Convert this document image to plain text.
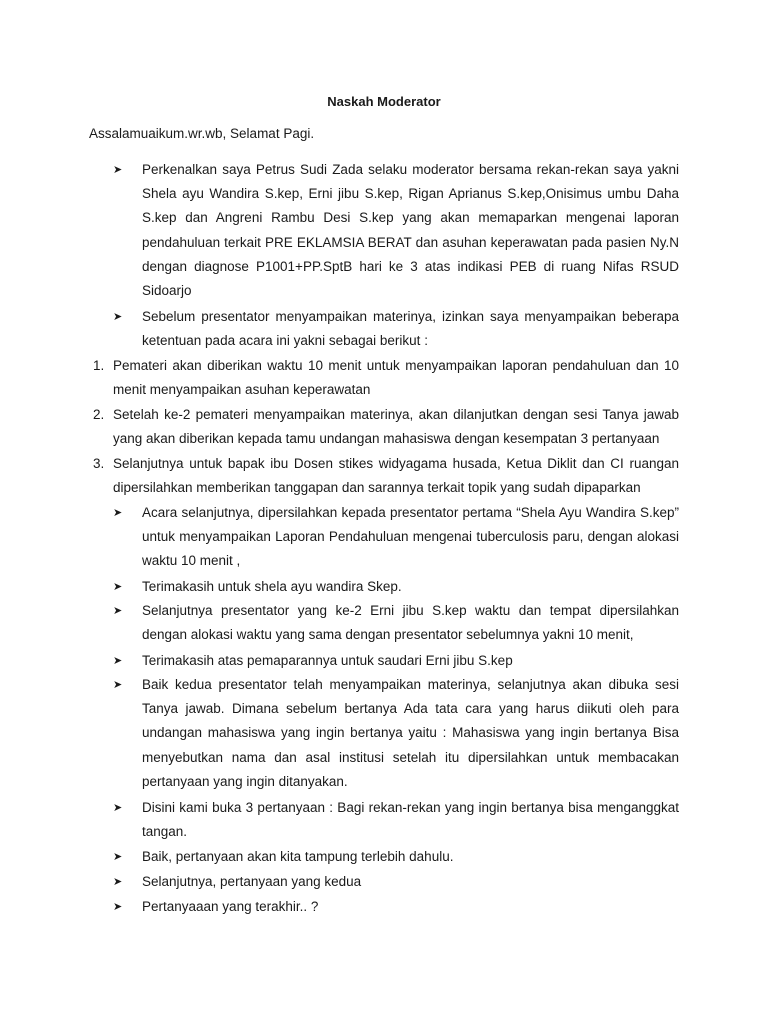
Naskah Moderator
Assalamuaikum.wr.wb, Selamat Pagi.
➤ Perkenalkan saya Petrus Sudi Zada selaku moderator bersama rekan-rekan saya yakni Shela ayu Wandira S.kep, Erni jibu S.kep, Rigan Aprianus S.kep,Onisimus umbu Daha S.kep dan Angreni Rambu Desi S.kep yang akan memaparkan mengenai laporan pendahuluan terkait PRE EKLAMSIA BERAT dan asuhan keperawatan pada pasien Ny.N dengan diagnose P1001+PP.SptB hari ke 3 atas indikasi PEB di ruang Nifas RSUD Sidoarjo
➤ Sebelum presentator menyampaikan materinya, izinkan saya menyampaikan beberapa ketentuan pada acara ini yakni sebagai berikut :
1. Pemateri akan diberikan waktu 10 menit untuk menyampaikan laporan pendahuluan dan 10 menit menyampaikan asuhan keperawatan
2. Setelah ke-2 pemateri menyampaikan materinya, akan dilanjutkan dengan sesi Tanya jawab yang akan diberikan kepada tamu undangan mahasiswa dengan kesempatan 3 pertanyaan
3. Selanjutnya untuk bapak ibu Dosen stikes widyagama husada, Ketua Diklit dan CI ruangan dipersilahkan memberikan tanggapan dan sarannya terkait topik yang sudah dipaparkan
➤ Acara selanjutnya, dipersilahkan kepada presentator pertama “Shela Ayu Wandira S.kep” untuk menyampaikan Laporan Pendahuluan mengenai tuberculosis paru, dengan alokasi waktu 10 menit ,
➤ Terimakasih untuk shela ayu wandira Skep.
➤ Selanjutnya presentator yang ke-2 Erni jibu S.kep waktu dan tempat dipersilahkan dengan alokasi waktu yang sama dengan presentator sebelumnya yakni 10 menit,
➤ Terimakasih atas pemaparannya untuk saudari Erni jibu S.kep
➤ Baik kedua presentator telah menyampaikan materinya, selanjutnya akan dibuka sesi Tanya jawab. Dimana sebelum bertanya Ada tata cara yang harus diikuti oleh para undangan mahasiswa yang ingin bertanya yaitu : Mahasiswa yang ingin bertanya Bisa menyebutkan nama dan asal institusi setelah itu dipersilahkan untuk membacakan pertanyaan yang ingin ditanyakan.
➤ Disini kami buka 3 pertanyaan : Bagi rekan-rekan yang ingin bertanya bisa menganggkat tangan.
➤ Baik, pertanyaan akan kita tampung terlebih dahulu.
➤ Selanjutnya, pertanyaan yang kedua
➤ Pertanyaaan yang terakhir.. ?
